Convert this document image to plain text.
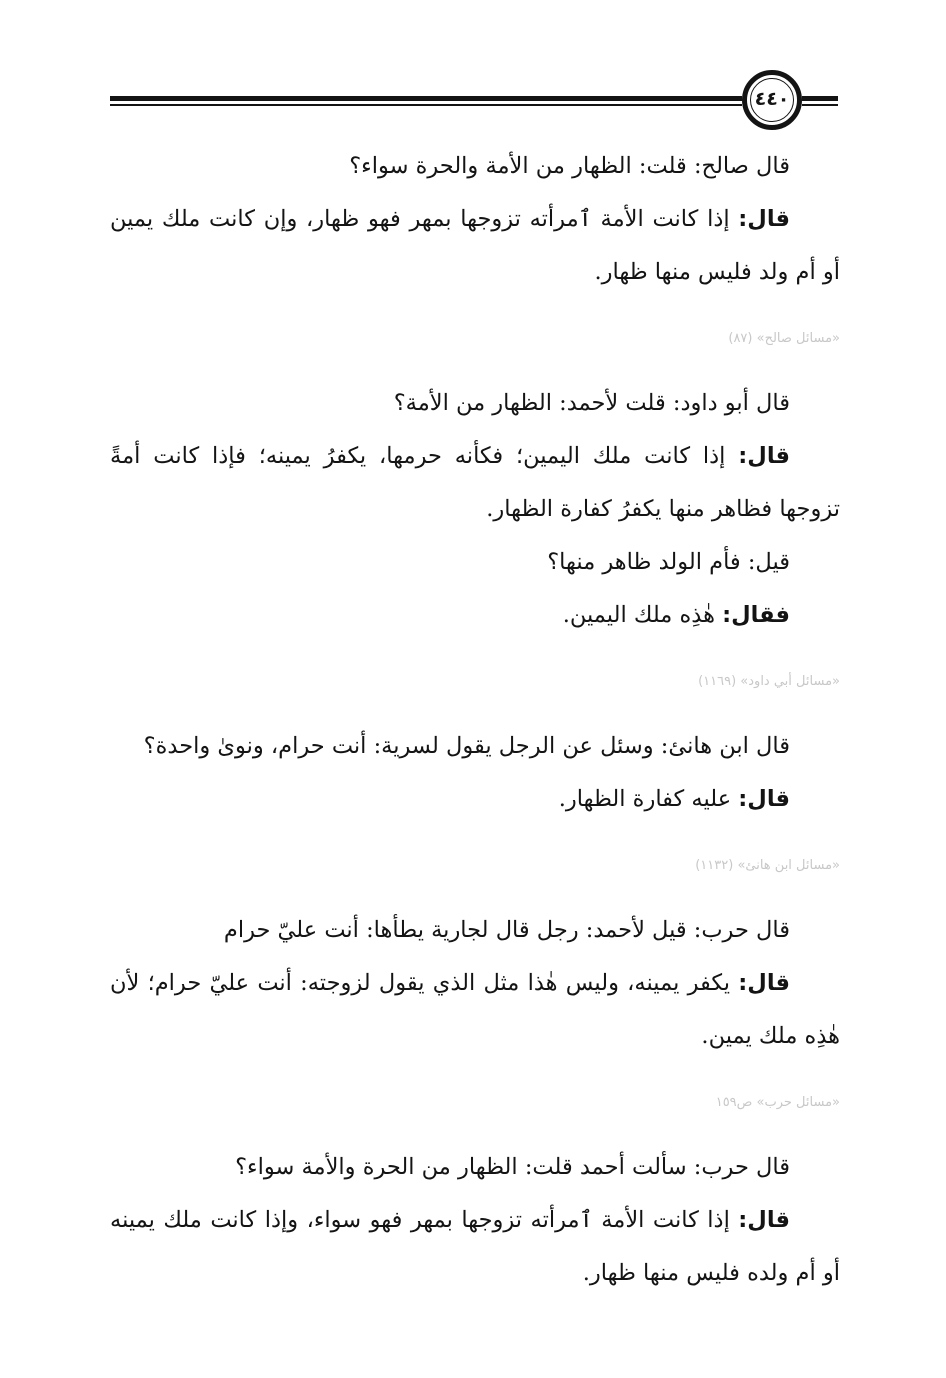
٤٤٠

قال صالح: قلت: الظهار من الأمة والحرة سواء؟

قال: إذا كانت الأمة ٱمرأته تزوجها بمهر فهو ظهار، وإن كانت ملك يمين أو أم ولد فليس منها ظهار.

«مسائل صالح» (٨٧)

قال أبو داود: قلت لأحمد: الظهار من الأمة؟

قال: إذا كانت ملك اليمين؛ فكأنه حرمها، يكفرُ يمينه؛ فإذا كانت أمةً تزوجها فظاهر منها يكفرُ كفارة الظهار.

قيل: فأم الولد ظاهر منها؟

فقال: هٰذِه ملك اليمين.

«مسائل أبي داود» (١١٦٩)

قال ابن هانئ: وسئل عن الرجل يقول لسرية: أنت حرام، ونوىٰ واحدة؟

قال: عليه كفارة الظهار.

«مسائل ابن هانئ» (١١٣٢)

قال حرب: قيل لأحمد: رجل قال لجارية يطأها: أنت عليّ حرام

قال: يكفر يمينه، وليس هٰذا مثل الذي يقول لزوجته: أنت عليّ حرام؛ لأن هٰذِه ملك يمين.

«مسائل حرب» ص١٥٩

قال حرب: سألت أحمد قلت: الظهار من الحرة والأمة سواء؟

قال: إذا كانت الأمة ٱمرأته تزوجها بمهر فهو سواء، وإذا كانت ملك يمينه أو أم ولده فليس منها ظهار.
